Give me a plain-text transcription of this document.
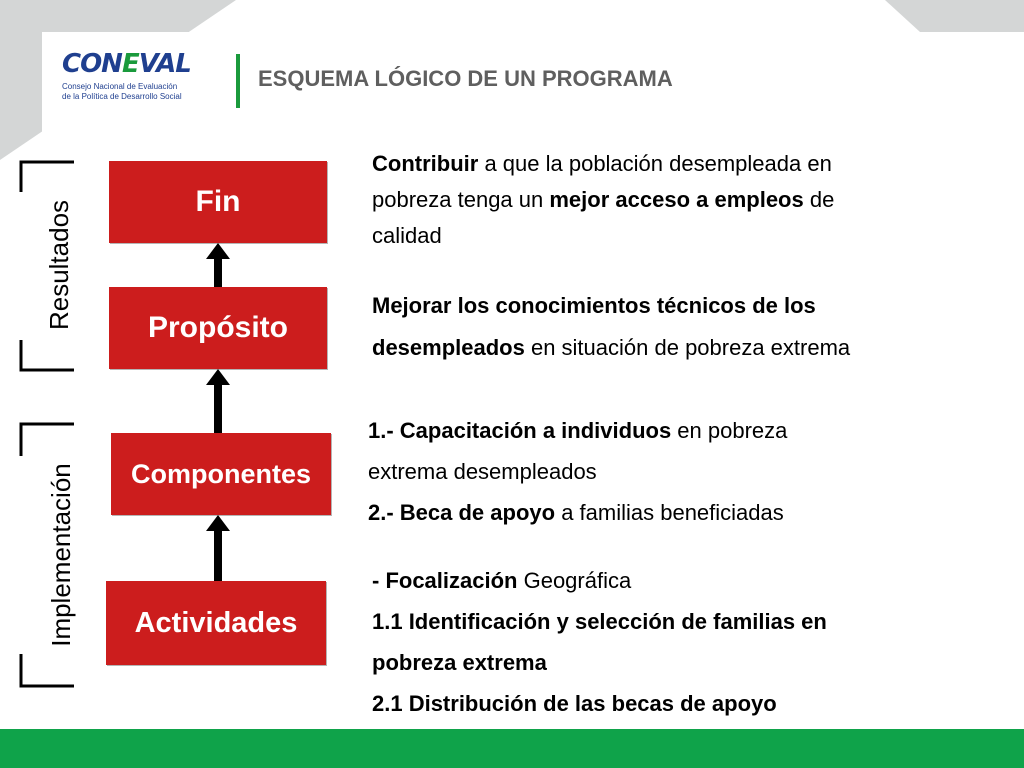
CONEVAL
Consejo Nacional de Evaluación
de la Política de Desarrollo Social
ESQUEMA LÓGICO DE UN PROGRAMA
Resultados
Implementación
Fin
Propósito
Componentes
Actividades
Contribuir a que la población desempleada en
pobreza tenga un mejor acceso a empleos de
calidad
Mejorar los conocimientos técnicos de los
desempleados en situación de pobreza extrema
1.- Capacitación a individuos en pobreza
extrema desempleados
2.- Beca de apoyo a familias beneficiadas
- Focalización Geográfica
1.1 Identificación y selección de familias en
pobreza extrema
2.1 Distribución de las becas de apoyo
